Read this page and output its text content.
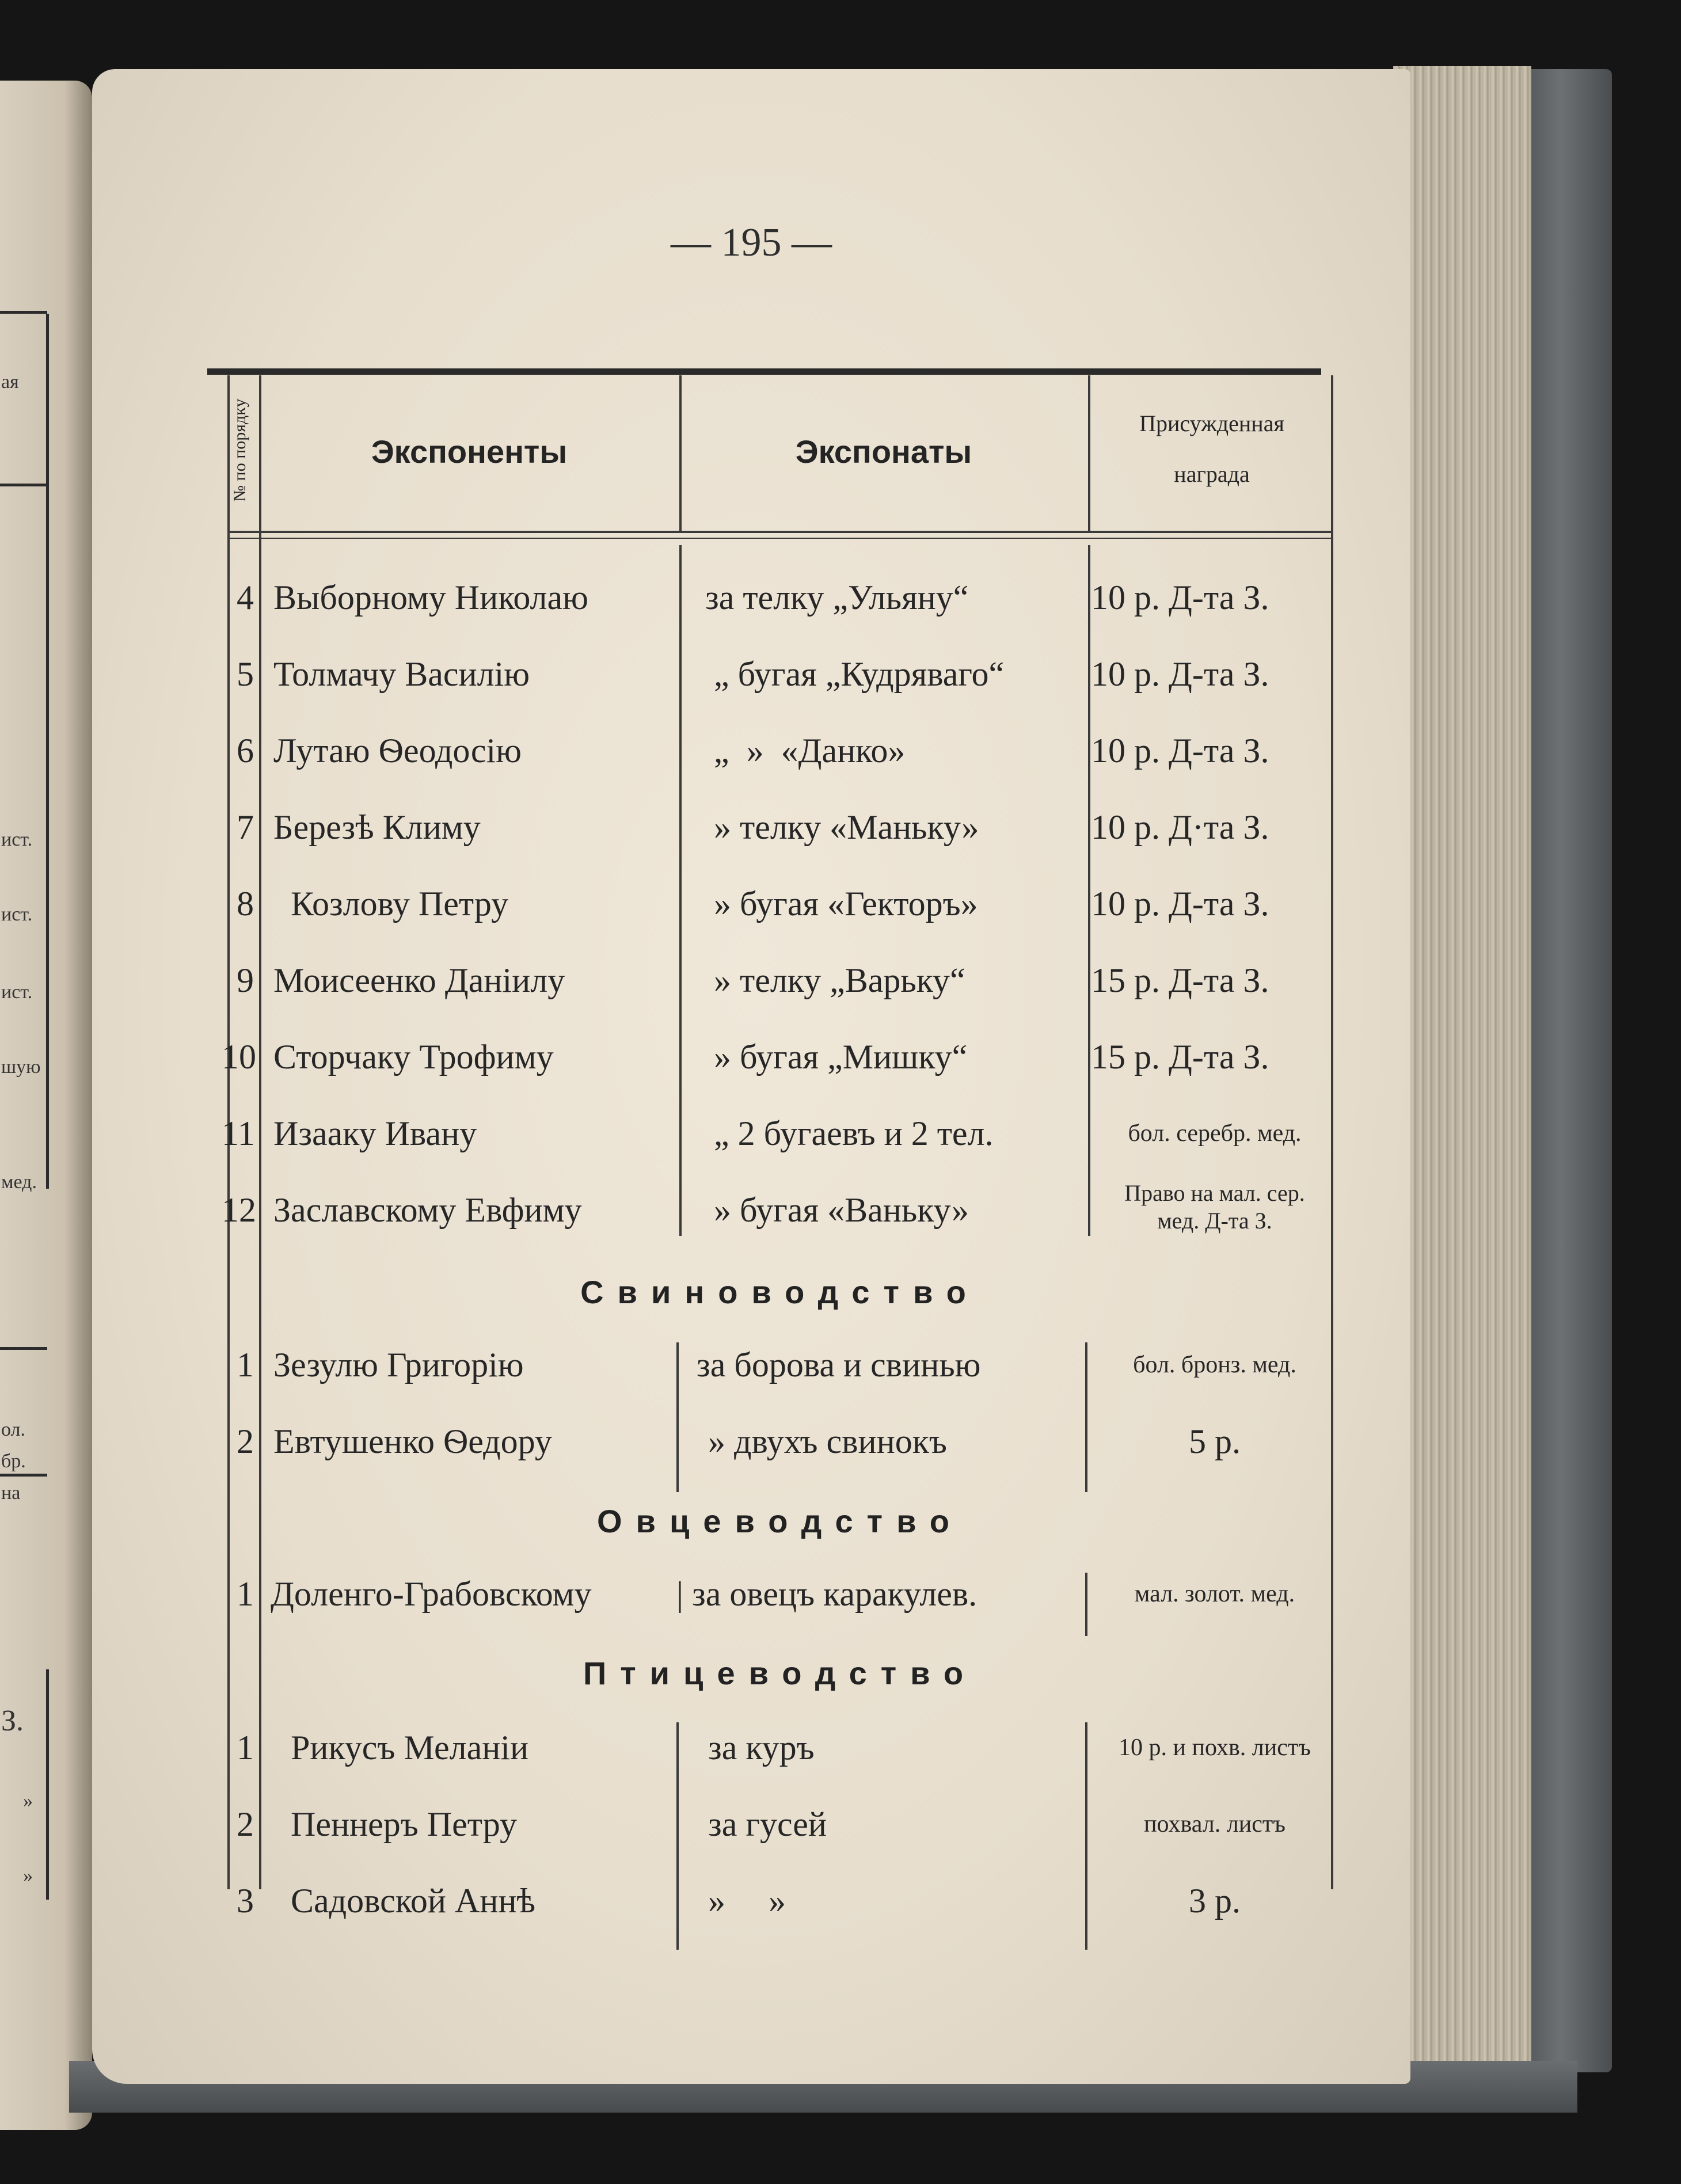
ая
ист.
ист.
ист.
шую
мед.
ол.
бр.
на
З.
»
»
— 195 —
№ по порядку	Экспоненты	Экспонаты
Присужденная
награда
4 Выборному Николаю	за телку „Ульяну“	10 р. Д-та З.
5 Толмачу Василію	„ бугая „Кудряваго“	10 р. Д-та З.
6 Лутаю Ѳеодосію	„  »  «Данко»	10 р. Д-та З.
7 Березѣ Климу	» телку «Маньку»	10 р. Д·та З.
8 Козлову Петру	» бугая «Гекторъ»	10 р. Д-та З.
9 Моисеенко Даніилу	» телку „Варьку“	15 р. Д-та З.
10 Сторчаку Трофиму	» бугая „Мишку“	15 р. Д-та З.
11 Изааку Ивану	„ 2 бугаевъ и 2 тел.	бол. серебр. мед.
12 Заславскому Евфиму	» бугая «Ваньку»	Право на мал. сер.
мед. Д-та З.
Свиноводство
1 Зезулю Григорію	за борова и свинью	бол. бронз. мед.
2 Евтушенко Ѳедору	» двухъ свинокъ	5 р.
Овцеводство
1 Доленго-Грабовскому | за овецъ каракулев.	мал. золот. мед.
Птицеводство
1 Рикусъ Меланіи	за куръ	10 р. и похв. листъ
2 Пеннеръ Петру	за гусей	похвал. листъ
3 Садовской Аннѣ	»     »	3 р.
